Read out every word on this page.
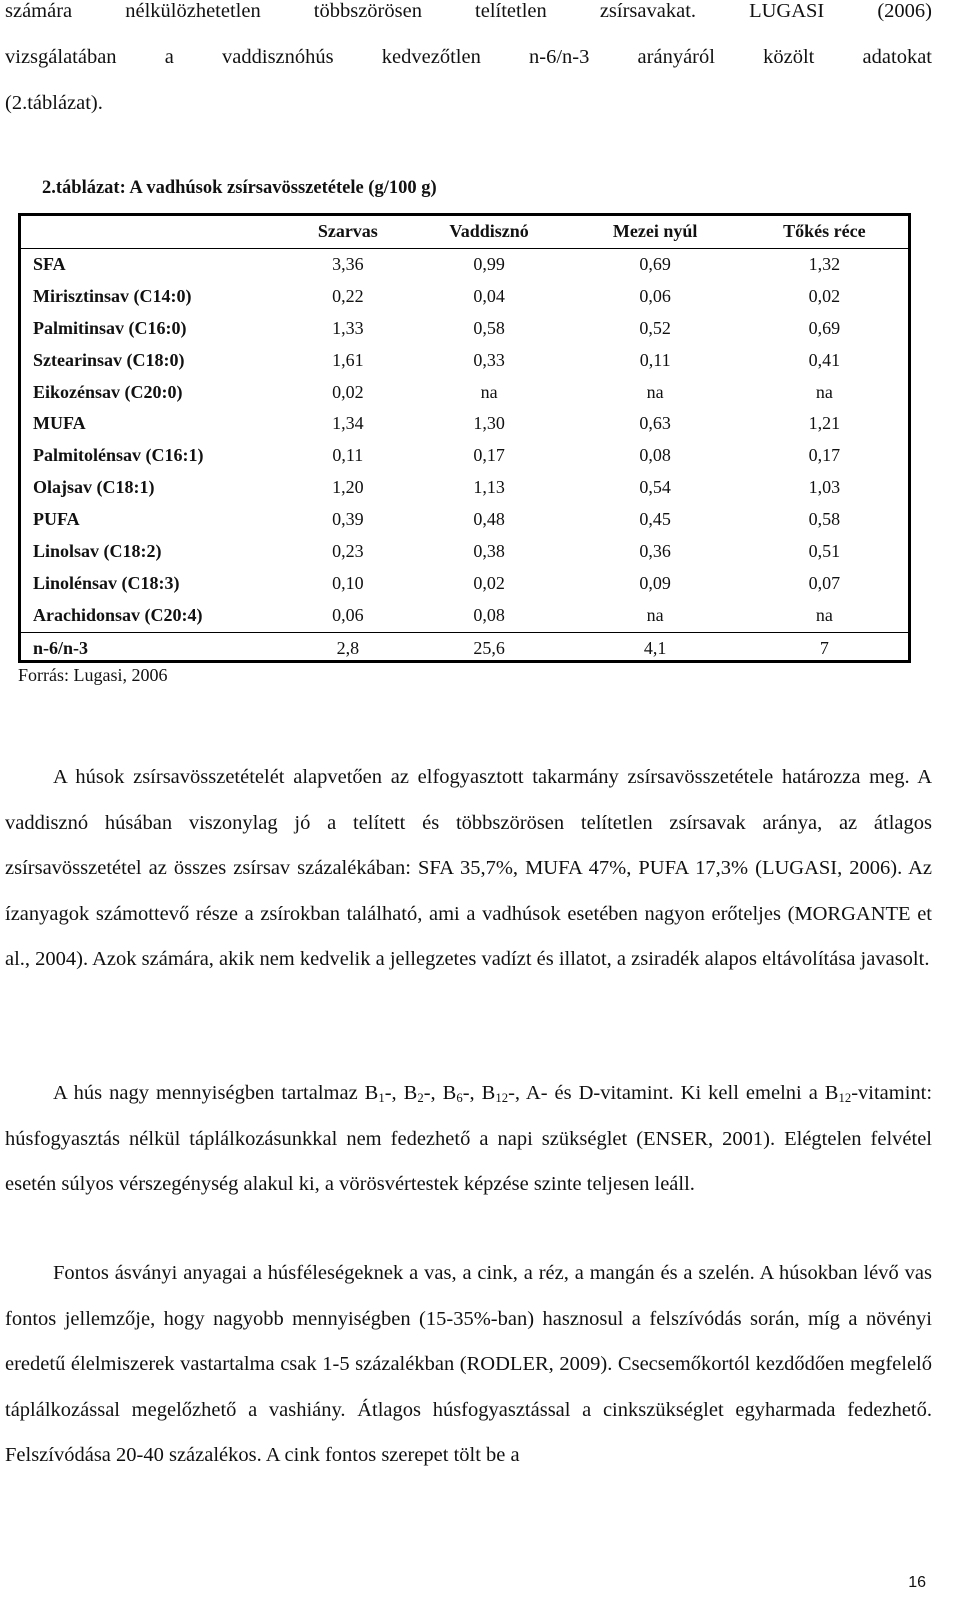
számára nélkülözhetetlen többszörösen telítetlen zsírsavakat. LUGASI (2006)
vizsgálatában a vaddisznóhús kedvezőtlen n-6/n-3 arányáról közölt adatokat
(2.táblázat).

2.táblázat: A vadhúsok zsírsavösszetétele (g/100 g)

	Szarvas	Vaddisznó	Mezei nyúl	Tőkés réce
SFA	3,36	0,99	0,69	1,32
Mirisztinsav (C14:0)	0,22	0,04	0,06	0,02
Palmitinsav (C16:0)	1,33	0,58	0,52	0,69
Sztearinsav (C18:0)	1,61	0,33	0,11	0,41
Eikozénsav (C20:0)	0,02	na	na	na
MUFA	1,34	1,30	0,63	1,21
Palmitolénsav (C16:1)	0,11	0,17	0,08	0,17
Olajsav (C18:1)	1,20	1,13	0,54	1,03
PUFA	0,39	0,48	0,45	0,58
Linolsav (C18:2)	0,23	0,38	0,36	0,51
Linolénsav (C18:3)	0,10	0,02	0,09	0,07
Arachidonsav (C20:4)	0,06	0,08	na	na
n-6/n-3	2,8	25,6	4,1	7

Forrás: Lugasi, 2006

A húsok zsírsavösszetételét alapvetően az elfogyasztott takarmány zsírsavösszetétele határozza meg. A vaddisznó húsában viszonylag jó a telített és többszörösen telítetlen zsírsavak aránya, az átlagos zsírsavösszetétel az összes zsírsav százalékában: SFA 35,7%, MUFA 47%, PUFA 17,3% (LUGASI, 2006). Az ízanyagok számottevő része a zsírokban található, ami a vadhúsok esetében nagyon erőteljes (MORGANTE et al., 2004). Azok számára, akik nem kedvelik a jellegzetes vadízt és illatot, a zsiradék alapos eltávolítása javasolt.

A hús nagy mennyiségben tartalmaz $B_1-$, $B_2-$, $B_6-$, $B_{12}-$, A- és D-vitamint. Ki kell emelni a $B_{12}$-vitamint: húsfogyasztás nélkül táplálkozásunkkal nem fedezhető a napi szükséglet (ENSER, 2001). Elégtelen felvétel esetén súlyos vérszegénység alakul ki, a vörösvértestek képzése szinte teljesen leáll.

Fontos ásványi anyagai a húsféleségeknek a vas, a cink, a réz, a mangán és a szelén. A húsokban lévő vas fontos jellemzője, hogy nagyobb mennyiségben (15-35%-ban) hasznosul a felszívódás során, míg a növényi eredetű élelmiszerek vastartalma csak 1-5 százalékban (RODLER, 2009). Csecsemőkortól kezdődően megfelelő táplálkozással megelőzhető a vashiány. Átlagos húsfogyasztással a cinkszükséglet egyharmada fedezhető. Felszívódása 20-40 százalékos. A cink fontos szerepet tölt be a

16
